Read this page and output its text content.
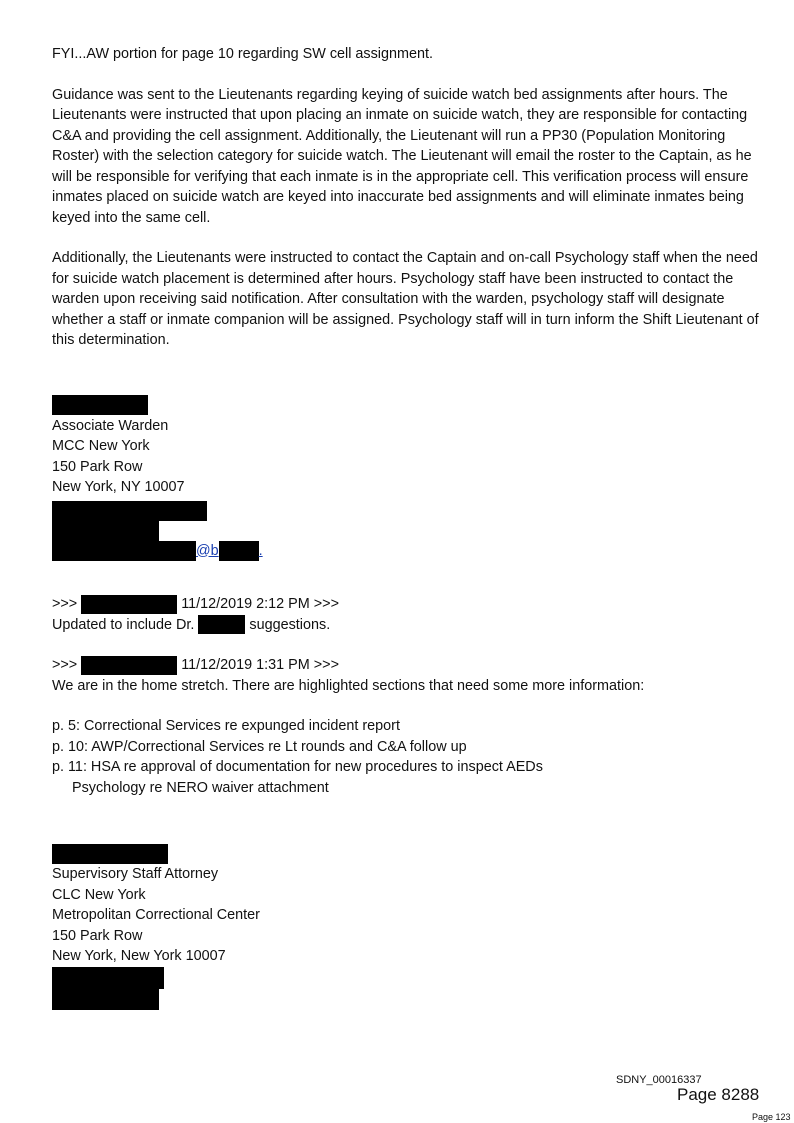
FYI...AW portion for page 10 regarding SW cell assignment.

Guidance was sent to the Lieutenants regarding keying of suicide watch bed assignments after hours. The Lieutenants were instructed that upon placing an inmate on suicide watch, they are responsible for contacting C&A and providing the cell assignment. Additionally, the Lieutenant will run a PP30 (Population Monitoring Roster) with the selection category for suicide watch. The Lieutenant will email the roster to the Captain, as he will be responsible for verifying that each inmate is in the appropriate cell. This verification process will ensure inmates placed on suicide watch are keyed into inaccurate bed assignments and will eliminate inmates being keyed into the same cell.

Additionally, the Lieutenants were instructed to contact the Captain and on-call Psychology staff when the need for suicide watch placement is determined after hours. Psychology staff have been instructed to contact the warden upon receiving said notification. After consultation with the warden, psychology staff will designate whether a staff or inmate companion will be assigned. Psychology staff will in turn inform the Shift Lieutenant of this determination.

Associate Warden

MCC New York

150 Park Row

New York, NY 10007

@b	.

>>>	11/12/2019 2:12 PM >>>

Updated to include Dr.	suggestions.

>>>	11/12/2019 1:31 PM >>>

We are in the home stretch. There are highlighted sections that need some more information:

p. 5: Correctional Services re expunged incident report

p. 10: AWP/Correctional Services re Lt rounds and C&A follow up

p. 11: HSA re approval of documentation for new procedures to inspect AEDs

Psychology re NERO waiver attachment

Supervisory Staff Attorney

CLC New York

Metropolitan Correctional Center

150 Park Row

New York, New York 10007

SDNY_00016337
Page 8288
Page 123
